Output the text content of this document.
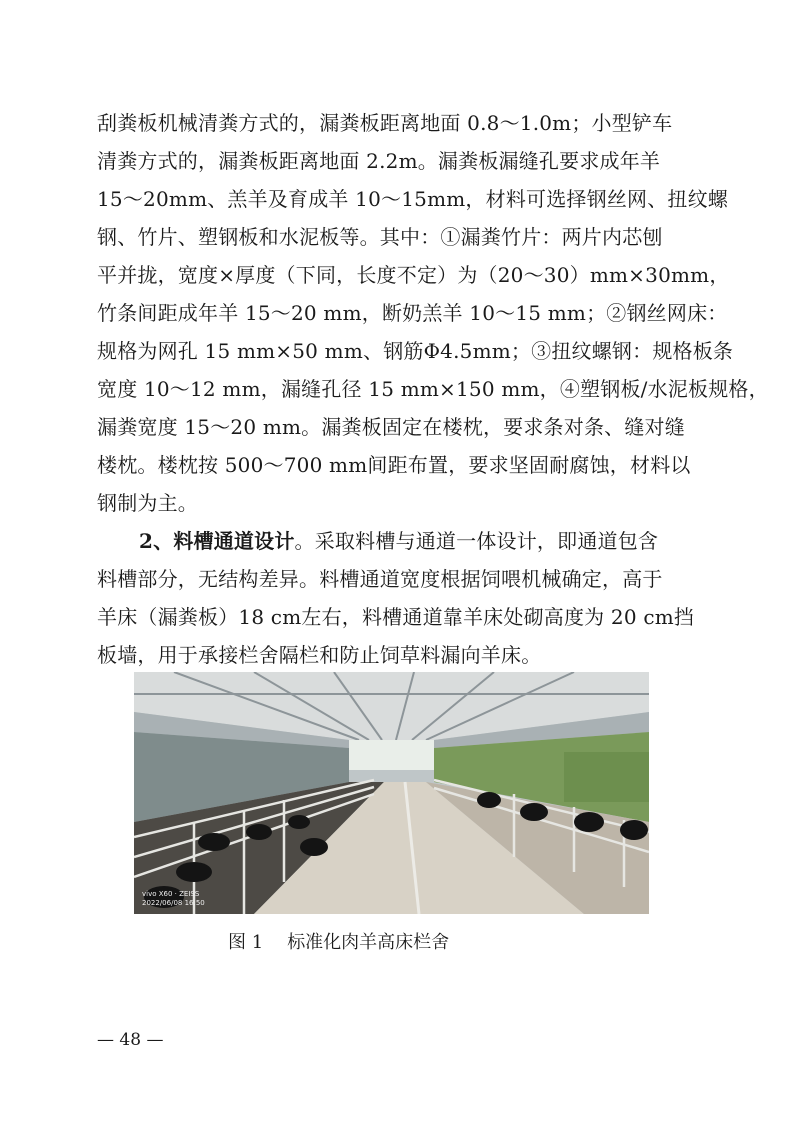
刮粪板机械清粪方式的，漏粪板距离地面 0.8～1.0m；小型铲车
清粪方式的，漏粪板距离地面 2.2m。漏粪板漏缝孔要求成年羊
15～20mm、羔羊及育成羊 10～15mm，材料可选择钢丝网、扭纹螺
钢、竹片、塑钢板和水泥板等。其中：①漏粪竹片：两片内芯刨
平并拢，宽度×厚度（下同，长度不定）为（20～30）mm×30mm，
竹条间距成年羊 15～20 mm，断奶羔羊 10～15 mm；②钢丝网床：
规格为网孔 15 mm×50 mm、钢筋Φ4.5mm；③扭纹螺钢：规格板条
宽度 10～12 mm，漏缝孔径 15 mm×150 mm，④塑钢板/水泥板规格，
漏粪宽度 15～20 mm。漏粪板固定在楼枕，要求条对条、缝对缝
楼枕。楼枕按 500～700 mm间距布置，要求坚固耐腐蚀，材料以
钢制为主。
2、料槽通道设计。采取料槽与通道一体设计，即通道包含
料槽部分，无结构差异。料槽通道宽度根据饲喂机械确定，高于
羊床（漏粪板）18 cm左右，料槽通道靠羊床处砌高度为 20 cm挡
板墙，用于承接栏舍隔栏和防止饲草料漏向羊床。
vivo X60 · ZEISS
2022/06/08 16:50
图 1 标准化肉羊高床栏舍
— 48 —
